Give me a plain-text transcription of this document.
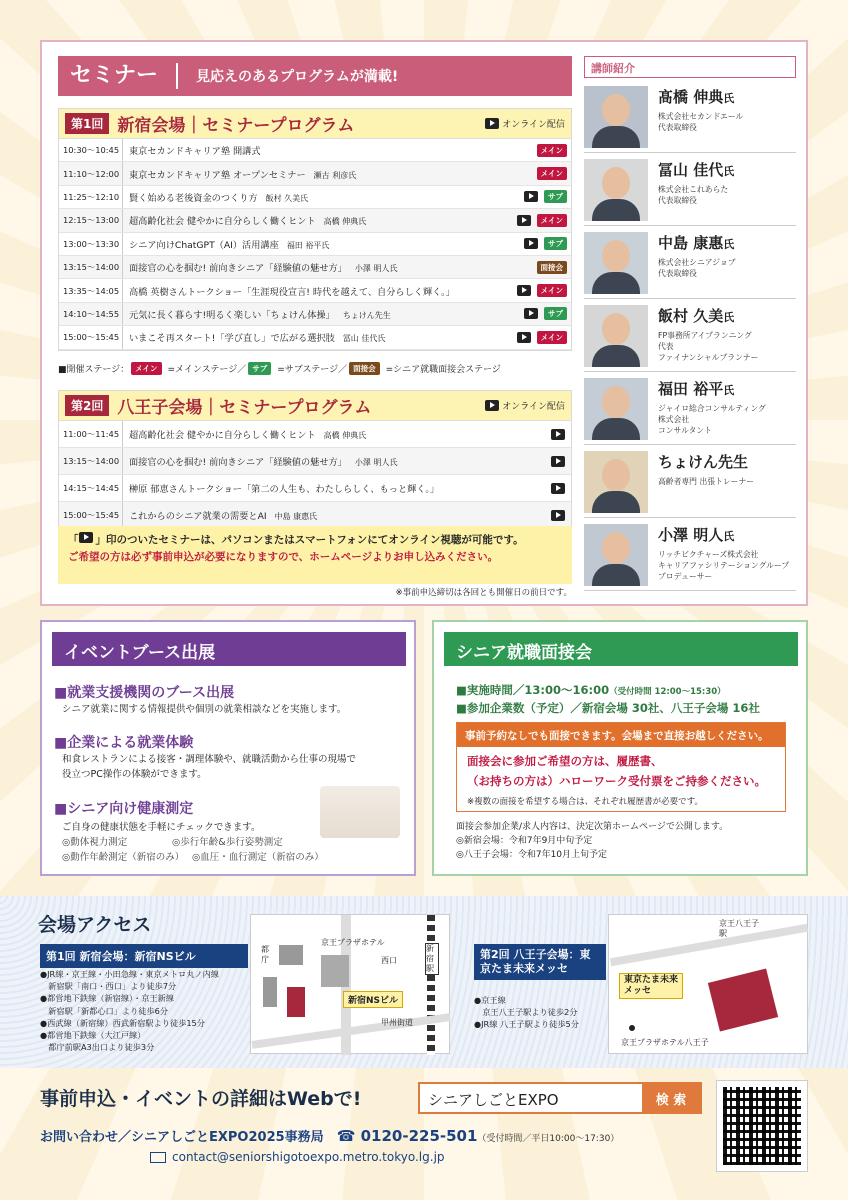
セミナー	見応えのあるプログラムが満載!
第1回 新宿会場｜セミナープログラム	オンライン配信
10:30〜10:45	東京セカンドキャリア塾 開講式	メイン
11:10〜12:00	東京セカンドキャリア塾 オープンセミナー 瀬古 利彦氏	メイン
11:25〜12:10	賢く始める老後資金のつくり方 飯村 久美氏	サブ
12:15〜13:00	超高齢化社会 健やかに自分らしく働くヒント 高橋 伸典氏	メイン
13:00〜13:30	シニア向けChatGPT（AI）活用講座 福田 裕平氏	サブ
13:15〜14:00	面接官の心を掴む! 前向きシニア「経験値の魅せ方」 小澤 明人氏	面接会
13:35〜14:05	高橋 英樹さんトークショー「生涯現役宣言! 時代を越えて、自分らしく輝く。」	メイン
14:10〜14:55	元気に長く暮らす!明るく楽しい「ちょけん体操」 ちょけん先生	サブ
15:00〜15:45	いまこそ再スタート!「学び直し」で広がる選択肢 冨山 佳代氏	メイン
■開催ステージ： メイン	=メインステージ／ サブ	=サブステージ／ 面接会	=シニア就職面接会ステージ
第2回 八王子会場｜セミナープログラム	オンライン配信
11:00〜11:45	超高齢化社会 健やかに自分らしく働くヒント 高橋 伸典氏
13:15〜14:00	面接官の心を掴む! 前向きシニア「経験値の魅せ方」 小澤 明人氏
14:15〜14:45	榊原 郁恵さんトークショー「第二の人生も、わたしらしく、もっと輝く。」
15:00〜15:45	これからのシニア就業の需要とAI 中島 康惠氏
「 」印のついたセミナーは、パソコンまたはスマートフォンにてオンライン視聴が可能です。
ご希望の方は必ず事前申込が必要になりますので、ホームページよりお申し込みください。
※事前申込締切は各回とも開催日の前日です。
講師紹介
髙橋 伸典氏
株式会社セカンドエール
代表取締役
冨山 佳代氏
株式会社これあらた
代表取締役
中島 康惠氏
株式会社シニアジョブ
代表取締役
飯村 久美氏
FP事務所アイプランニング
代表
ファイナンシャルプランナー
福田 裕平氏
ジャイロ総合コンサルティング
株式会社
コンサルタント
ちょけん先生
高齢者専門 出張トレーナー
小澤 明人氏
リッチビクチャーズ株式会社
キャリアファシリテーショングループ
プロデューサー
イベントブース出展
■就業支援機関のブース出展
シニア就業に関する情報提供や個別の就業相談などを実施します。
■企業による就業体験
和食レストランによる接客・調理体験や、就職活動から仕事の現場で
役立つPC操作の体験ができます。
■シニア向け健康測定
ご自身の健康状態を手軽にチェックできます。
◎動体視力測定	◎歩行年齢&歩行姿勢測定
◎動作年齢測定（新宿のみ） ◎血圧・血行測定（新宿のみ）
シニア就職面接会
■実施時間／13:00〜16:00（受付時間 12:00〜15:30）
■参加企業数（予定）／新宿会場 30社、八王子会場 16社
事前予約なしでも面接できます。会場まで直接お越しください。
面接会に参加ご希望の方は、履歴書、
（お持ちの方は）ハローワーク受付票をご持参ください。
※複数の面接を希望する場合は、それぞれ履歴書が必要です。
面接会参加企業/求人内容は、決定次第ホームページで公開します。
◎新宿会場：令和7年9月中旬予定
◎八王子会場：令和7年10月上旬予定
会場アクセス
第1回 新宿会場：新宿NSビル
●JR線・京王線・小田急線・東京メトロ丸ノ内線
　新宿駅「南口・西口」より徒歩7分
●都営地下鉄線（新宿線）・京王新線
　新宿駅「新都心口」より徒歩6分
●西武線（新宿線）西武新宿駅より徒歩15分
●都営地下鉄線（大江戸線）
　都庁前駅A3出口より徒歩3分
京王プラザホテル
都庁	西口
新宿駅
新宿NSビル
甲州街道
第2回 八王子会場：東京たま未来メッセ
●京王線
　京王八王子駅より徒歩2分
●JR線 八王子駅より徒歩5分
京王八王子駅
東京たま未来メッセ
京王プラザホテル八王子
事前申込・イベントの詳細はWebで!	シニアしごとEXPO	検 索
お問い合わせ／シニアしごとEXPO2025事務局　 ☎ 0120-225-501（受付時間／平日10:00〜17:30）
contact@seniorshigotoexpo.metro.tokyo.lg.jp
